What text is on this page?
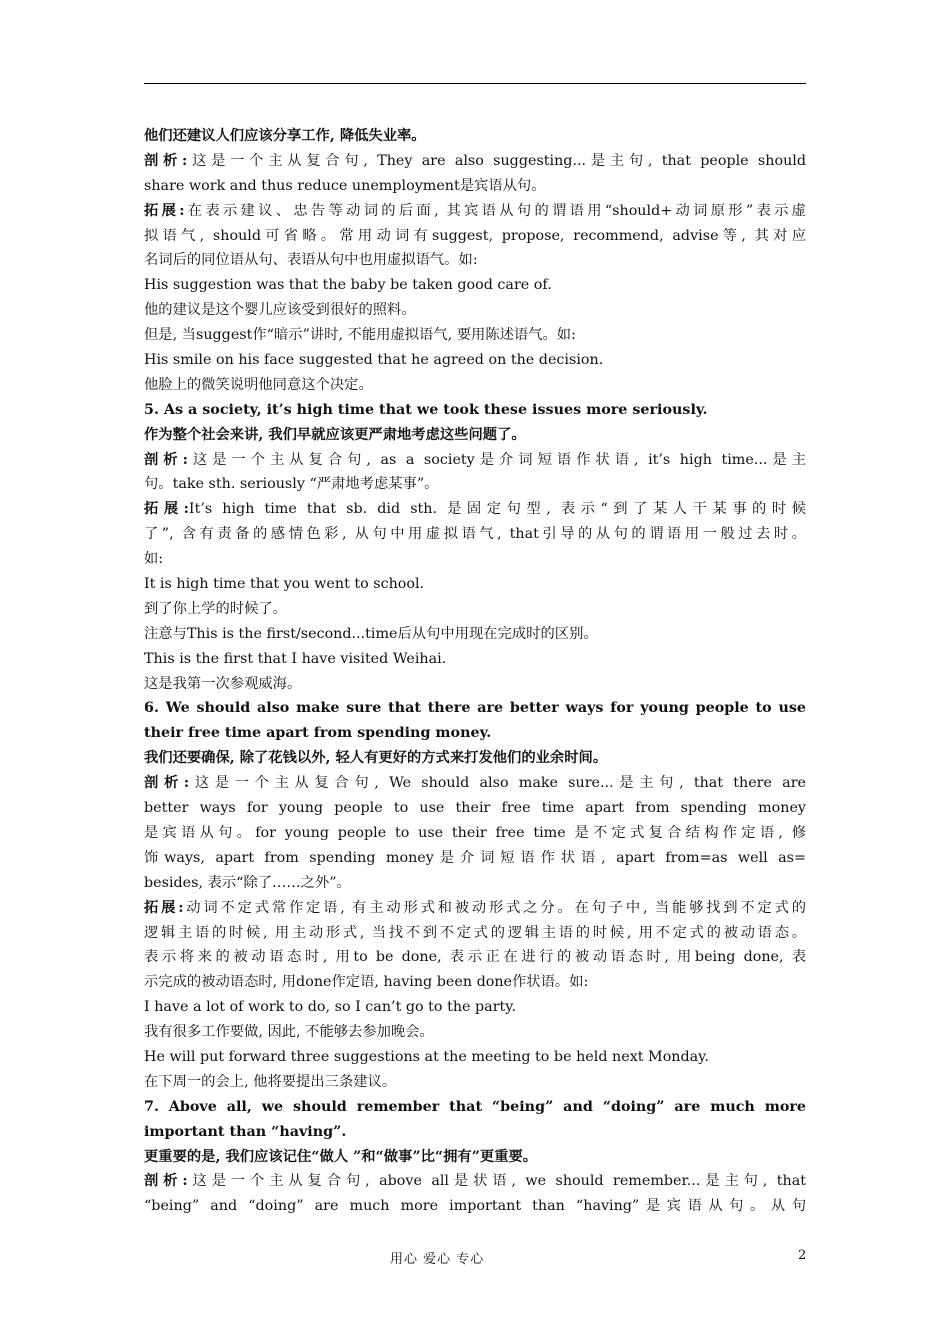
他们还建议人们应该分享工作, 降低失业率。
剖析:这是一个主从复合句, They are also suggesting...是主句, that people should
share work and thus reduce unemployment是宾语从句。
拓展:在表示建议、忠告等动词的后面, 其宾语从句的谓语用“should+动词原形”表示虚
拟语气, should可省略。常用动词有suggest, propose, recommend, advise等, 其对应
名词后的同位语从句、表语从句中也用虚拟语气。如:
His suggestion was that the baby be taken good care of.
他的建议是这个婴儿应该受到很好的照料。
但是, 当suggest作“暗示”讲时, 不能用虚拟语气, 要用陈述语气。如:
His smile on his face suggested that he agreed on the decision.
他脸上的微笑说明他同意这个决定。
5. As a society, it’s high time that we took these issues more seriously.
作为整个社会来讲, 我们早就应该更严肃地考虑这些问题了。
剖析:这是一个主从复合句, as a society是介词短语作状语, it’s high time...是主
句。take sth. seriously “严肃地考虑某事”。
拓展:It’s high time that sb. did sth. 是固定句型, 表示“到了某人干某事的时候
了”, 含有责备的感情色彩, 从句中用虚拟语气, that引导的从句的谓语用一般过去时。
如:
It is high time that you went to school.
到了你上学的时候了。
注意与This is the first/second...time后从句中用现在完成时的区别。
This is the first that I have visited Weihai.
这是我第一次参观威海。
6. We should also make sure that there are better ways for young people to use
their free time apart from spending money.
我们还要确保, 除了花钱以外, 轻人有更好的方式来打发他们的业余时间。
剖析:这是一个主从复合句, We should also make sure...是主句, that there are
better ways for young people to use their free time apart from spending money
是宾语从句。for young people to use their free time 是不定式复合结构作定语, 修
饰ways, apart from spending money是介词短语作状语, apart from=as well as=
besides, 表示“除了……之外”。
拓展:动词不定式常作定语, 有主动形式和被动形式之分。在句子中, 当能够找到不定式的
逻辑主语的时候, 用主动形式, 当找不到不定式的逻辑主语的时候, 用不定式的被动语态。
表示将来的被动语态时, 用to be done, 表示正在进行的被动语态时, 用being done, 表
示完成的被动语态时, 用done作定语, having been done作状语。如:
I have a lot of work to do, so I can’t go to the party.
我有很多工作要做, 因此, 不能够去参加晚会。
He will put forward three suggestions at the meeting to be held next Monday.
在下周一的会上, 他将要提出三条建议。
7. Above all, we should remember that “being” and “doing” are much more
important than “having”.
更重要的是, 我们应该记住“做人 ”和“做事”比“拥有”更重要。
剖析:这是一个主从复合句, above all是状语, we should remember...是主句, that
“being” and “doing” are much more important than “having”是宾语从句。从句
用心 爱心 专心	2
